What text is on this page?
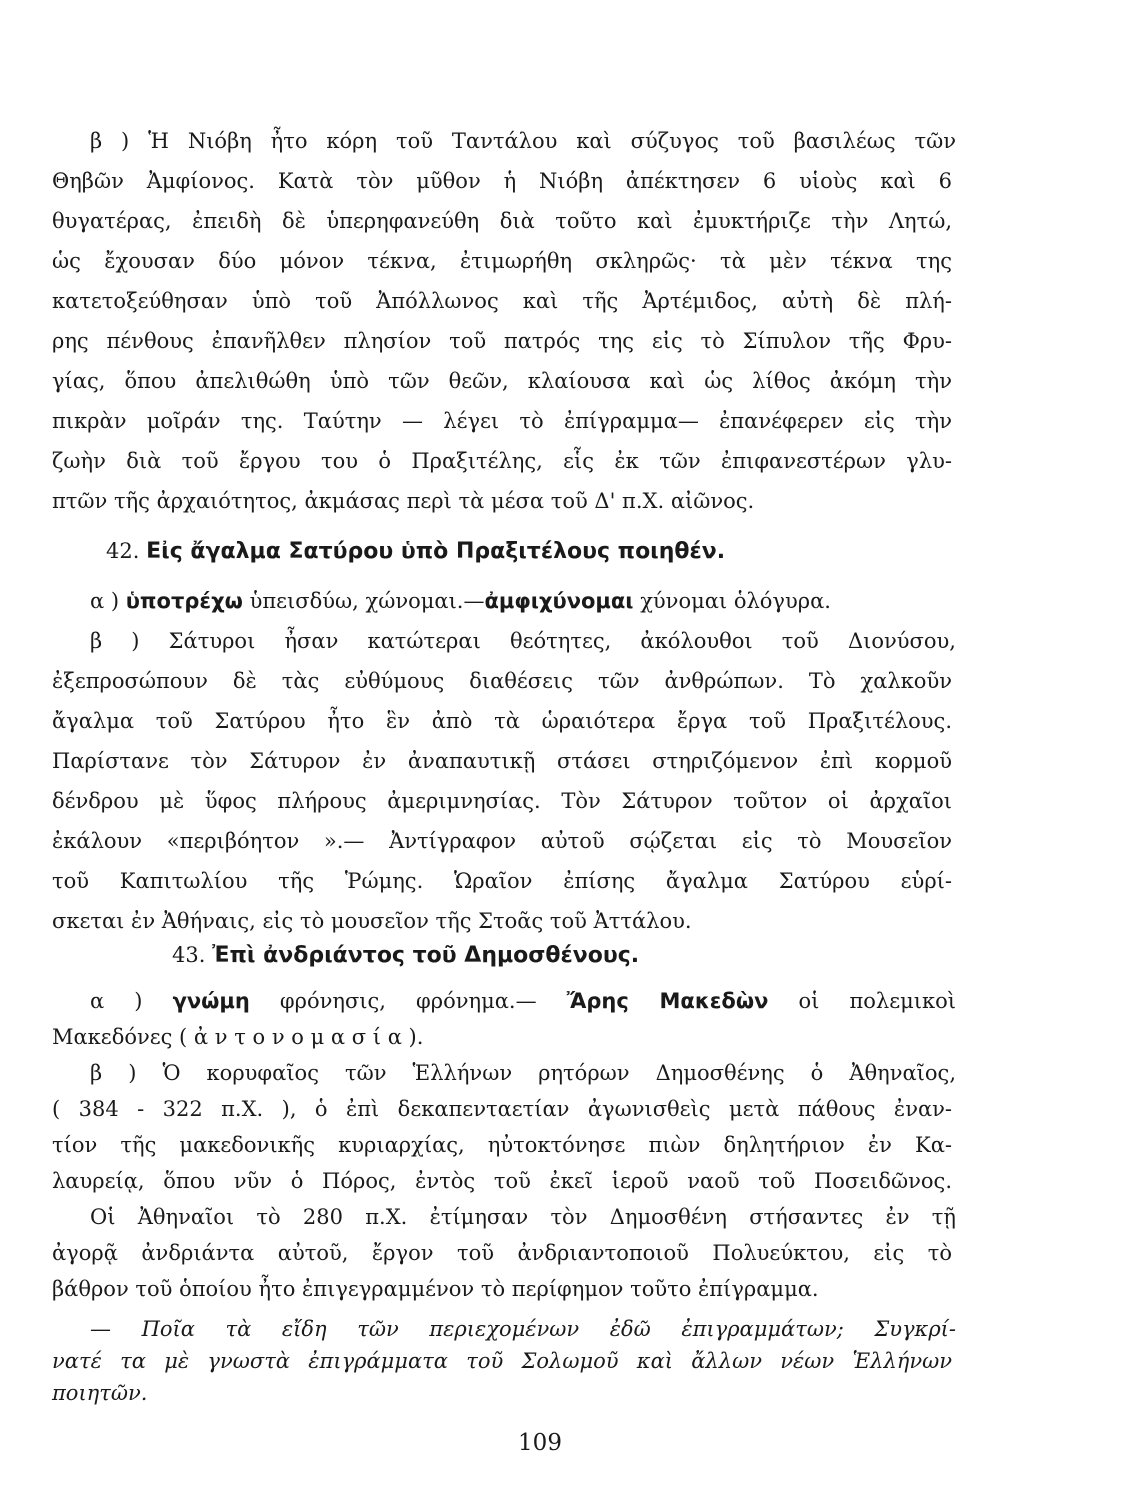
β ) Ἡ Νιόβη ἦτο κόρη τοῦ Ταντάλου καὶ σύζυγος τοῦ βασιλέως τῶν

Θηβῶν Ἀμφίονος. Κατὰ τὸν μῦθον ἡ Νιόβη ἀπέκτησεν 6 υἱοὺς καὶ 6

θυγατέρας, ἐπειδὴ δὲ ὑπερηφανεύθη διὰ τοῦτο καὶ ἐμυκτήριζε τὴν Λητώ,

ὡς ἔχουσαν δύο μόνον τέκνα, ἐτιμωρήθη σκληρῶς· τὰ μὲν τέκνα της

κατετοξεύθησαν ὑπὸ τοῦ Ἀπόλλωνος καὶ τῆς Ἀρτέμιδος, αὐτὴ δὲ πλή-

ρης πένθους ἐπανῆλθεν πλησίον τοῦ πατρός της εἰς τὸ Σίπυλον τῆς Φρυ-

γίας, ὅπου ἀπελιθώθη ὑπὸ τῶν θεῶν, κλαίουσα καὶ ὡς λίθος ἀκόμη τὴν

πικρὰν μοῖράν της. Ταύτην — λέγει τὸ ἐπίγραμμα— ἐπανέφερεν εἰς τὴν

ζωὴν διὰ τοῦ ἔργου του ὁ Πραξιτέλης, εἷς ἐκ τῶν ἐπιφανεστέρων γλυ-

πτῶν τῆς ἀρχαιότητος, ἀκμάσας περὶ τὰ μέσα τοῦ Δ' π.Χ. αἰῶνος.

42. Εἰς ἄγαλμα Σατύρου ὑπὸ Πραξιτέλους ποιηθέν.

α ) ὑποτρέχω ὑπεισδύω, χώνομαι.—ἀμφιχύνομαι χύνομαι ὁλόγυρα.

β ) Σάτυροι ἦσαν κατώτεραι θεότητες, ἀκόλουθοι τοῦ Διονύσου,

ἐξεπροσώπουν δὲ τὰς εὐθύμους διαθέσεις τῶν ἀνθρώπων. Τὸ χαλκοῦν

ἄγαλμα τοῦ Σατύρου ἦτο ἓν ἀπὸ τὰ ὡραιότερα ἔργα τοῦ Πραξιτέλους.

Παρίστανε τὸν Σάτυρον ἐν ἀναπαυτικῇ στάσει στηριζόμενον ἐπὶ κορμοῦ

δένδρου μὲ ὕφος πλήρους ἀμεριμνησίας. Τὸν Σάτυρον τοῦτον οἱ ἀρχαῖοι

ἐκάλουν «περιβόητον ».— Ἀντίγραφον αὐτοῦ σῴζεται εἰς τὸ Μουσεῖον

τοῦ Καπιτωλίου τῆς Ῥώμης. Ὡραῖον ἐπίσης ἄγαλμα Σατύρου εὑρί-

σκεται ἐν Ἀθήναις, εἰς τὸ μουσεῖον τῆς Στοᾶς τοῦ Ἀττάλου.

43. Ἐπὶ ἀνδριάντος τοῦ Δημοσθένους.

α ) γνώμη φρόνησις, φρόνημα.— Ἄρης Μακεδὼν οἱ πολεμικοὶ

Μακεδόνες ( ἀ ν τ ο ν ο μ α σ ί α ).

β ) Ὁ κορυφαῖος τῶν Ἑλλήνων ρητόρων Δημοσθένης ὁ Ἀθηναῖος,

( 384 - 322 π.Χ. ), ὁ ἐπὶ δεκαπενταετίαν ἀγωνισθεὶς μετὰ πάθους ἐναν-

τίον τῆς μακεδονικῆς κυριαρχίας, ηὐτοκτόνησε πιὼν δηλητήριον ἐν Κα-

λαυρείᾳ, ὅπου νῦν ὁ Πόρος, ἐντὸς τοῦ ἐκεῖ ἱεροῦ ναοῦ τοῦ Ποσειδῶνος.

Οἱ Ἀθηναῖοι τὸ 280 π.Χ. ἐτίμησαν τὸν Δημοσθένη στήσαντες ἐν τῇ

ἀγορᾷ ἀνδριάντα αὐτοῦ, ἔργον τοῦ ἀνδριαντοποιοῦ Πολυεύκτου, εἰς τὸ

βάθρον τοῦ ὁποίου ἦτο ἐπιγεγραμμένον τὸ περίφημον τοῦτο ἐπίγραμμα.

109

— Ποῖα τὰ εἴδη τῶν περιεχομένων ἐδῶ ἐπιγραμμάτων; Συγκρί-

νατέ τα μὲ γνωστὰ ἐπιγράμματα τοῦ Σολωμοῦ καὶ ἄλλων νέων Ἑλλήνων

ποιητῶν.
